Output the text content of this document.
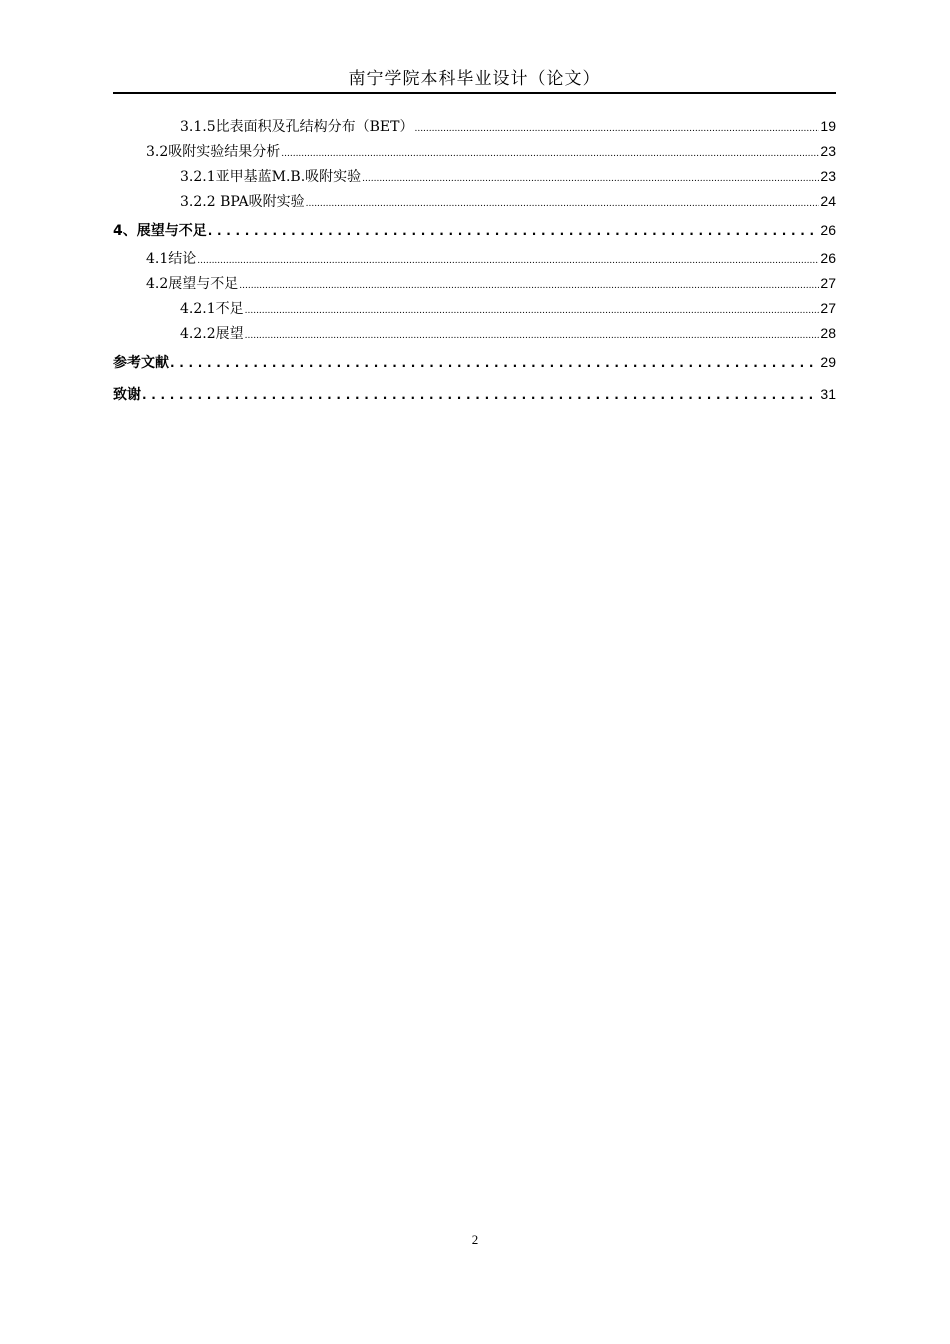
南宁学院本科毕业设计（论文）
3.1.5比表面积及孔结构分布（BET） .....	19
3.2吸附实验结果分析 .....	23
3.2.1亚甲基蓝M.B.吸附实验 .....	23
3.2.2 BPA吸附实验 .....	24
4、展望与不足 .....	26
4.1结论 .....	26
4.2展望与不足 .....	27
4.2.1不足 .....	27
4.2.2展望 .....	28
参考文献 .....	29
致谢 .....	31
2
